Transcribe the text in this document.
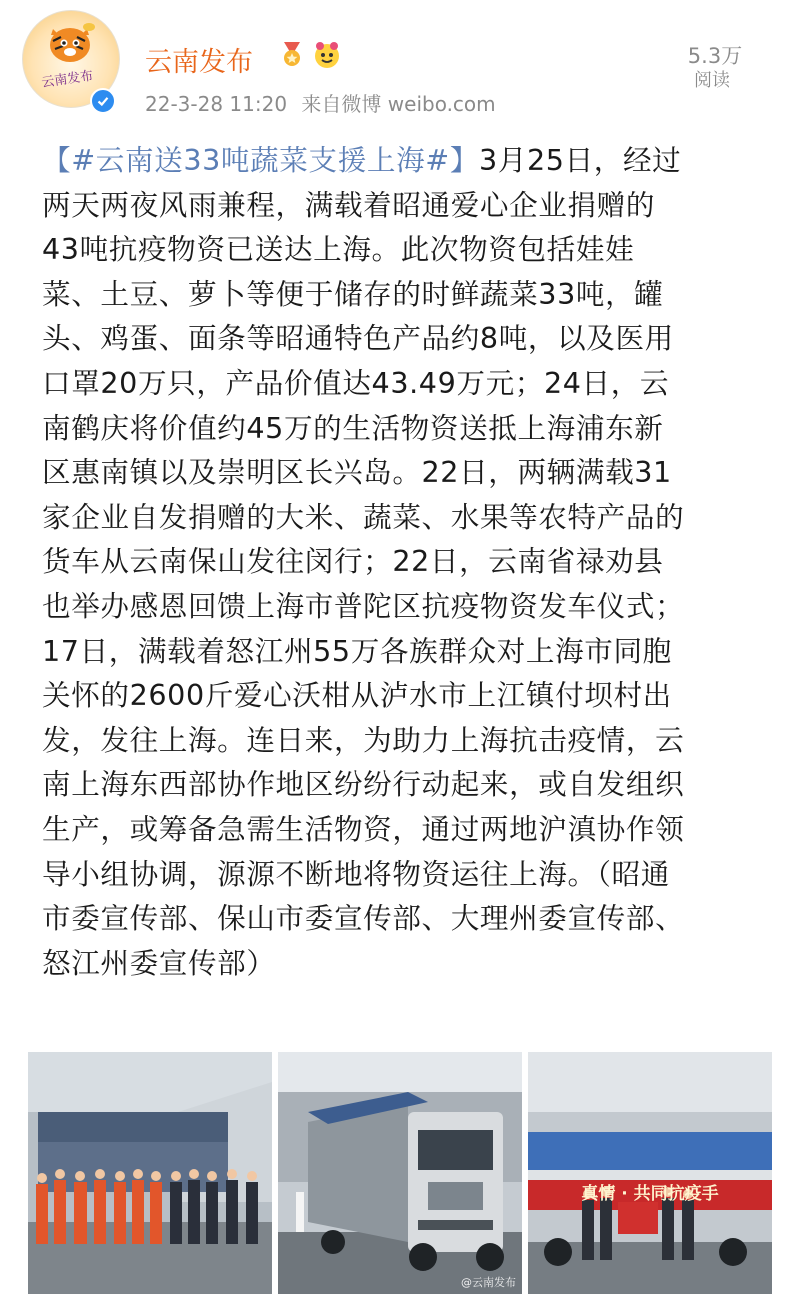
云南发布
云南发布
22-3-28 11:20 来自微博 weibo.com
5.3万
阅读
【#云南送33吨蔬菜支援上海#】3月25日，经过
两天两夜风雨兼程，满载着昭通爱心企业捐赠的
43吨抗疫物资已送达上海。此次物资包括娃娃
菜、土豆、萝卜等便于储存的时鲜蔬菜33吨，罐
头、鸡蛋、面条等昭通特色产品约8吨，以及医用
口罩20万只，产品价值达43.49万元；24日，云
南鹤庆将价值约45万的生活物资送抵上海浦东新
区惠南镇以及崇明区长兴岛。22日，两辆满载31
家企业自发捐赠的大米、蔬菜、水果等农特产品的
货车从云南保山发往闵行；22日，云南省禄劝县
也举办感恩回馈上海市普陀区抗疫物资发车仪式；
17日，满载着怒江州55万各族群众对上海市同胞
关怀的2600斤爱心沃柑从泸水市上江镇付坝村出
发，发往上海。连日来，为助力上海抗击疫情，云
南上海东西部协作地区纷纷行动起来，或自发组织
生产，或筹备急需生活物资，通过两地沪滇协作领
导小组协调，源源不断地将物资运往上海。（昭通
市委宣传部、保山市委宣传部、大理州委宣传部、
怒江州委宣传部）
@云南发布
真情 · 共同抗疫手
